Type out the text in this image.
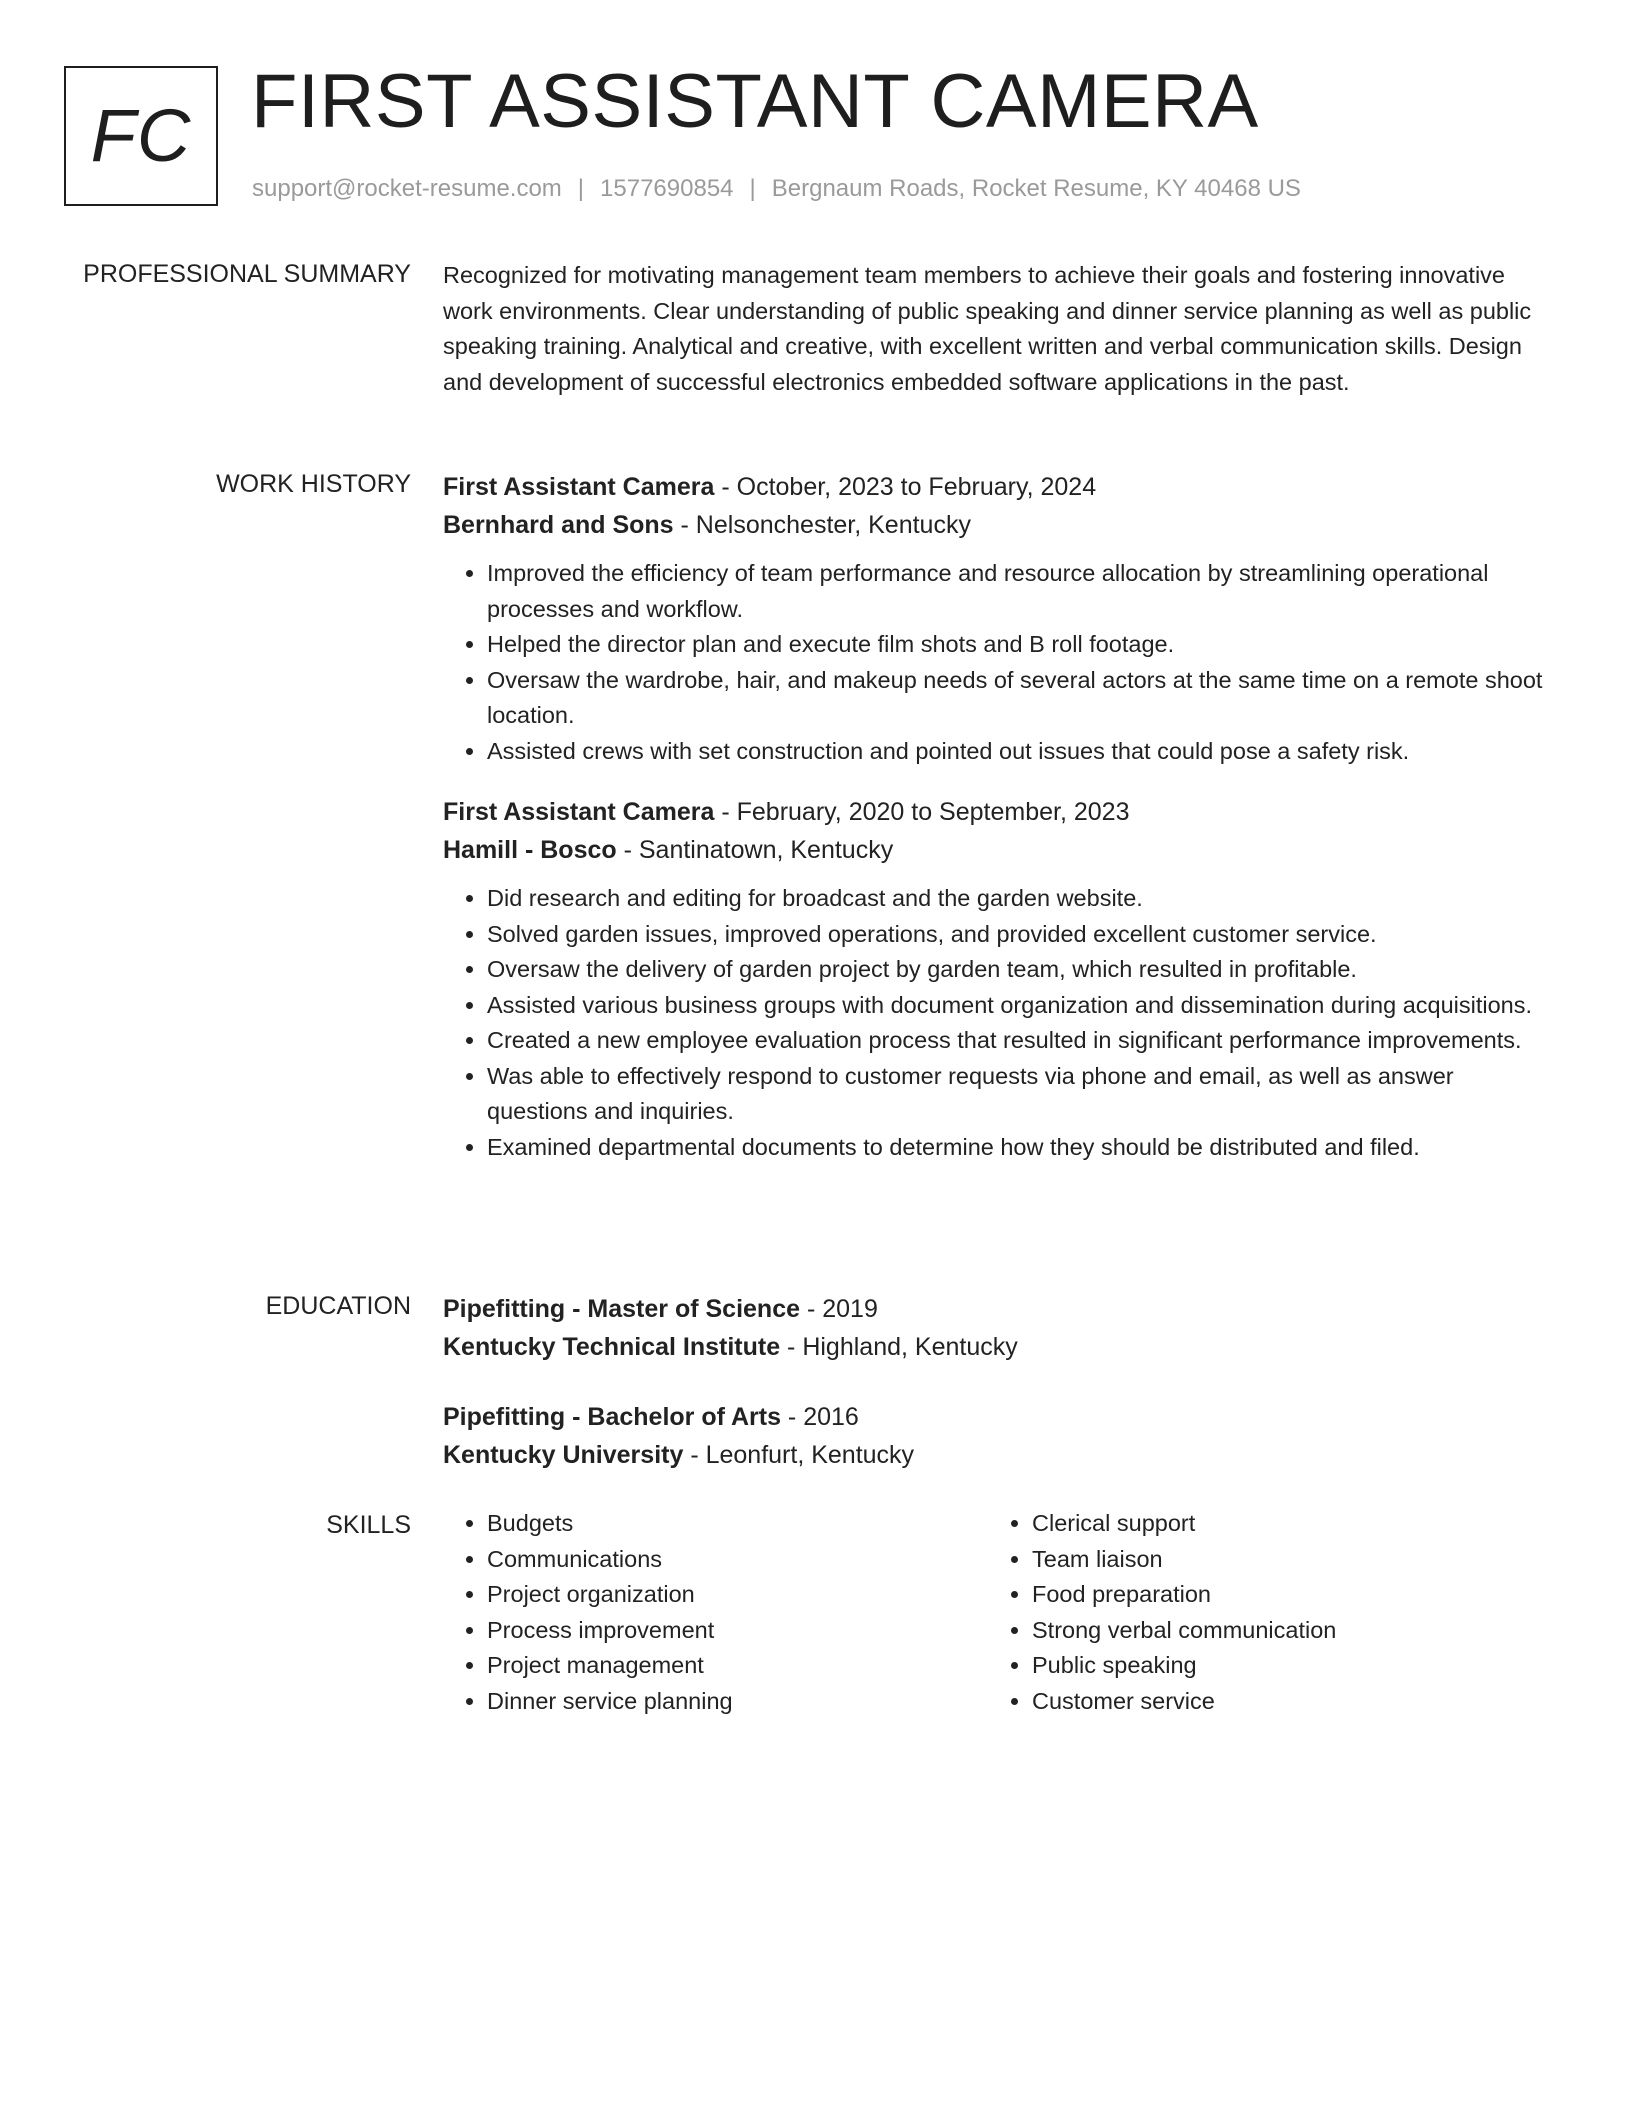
FC FIRST ASSISTANT CAMERA
support@rocket-resume.com | 1577690854 | Bergnaum Roads, Rocket Resume, KY 40468 US
PROFESSIONAL SUMMARY Recognized for motivating management team members to achieve their goals and fostering innovative work environments. Clear understanding of public speaking and dinner service planning as well as public speaking training. Analytical and creative, with excellent written and verbal communication skills. Design and development of successful electronics embedded software applications in the past.

WORK HISTORY First Assistant Camera - October, 2023 to February, 2024
Bernhard and Sons - Nelsonchester, Kentucky
• Improved the efficiency of team performance and resource allocation by streamlining operational processes and workflow.
• Helped the director plan and execute film shots and B roll footage.
• Oversaw the wardrobe, hair, and makeup needs of several actors at the same time on a remote shoot location.
• Assisted crews with set construction and pointed out issues that could pose a safety risk.
First Assistant Camera - February, 2020 to September, 2023
Hamill - Bosco - Santinatown, Kentucky
• Did research and editing for broadcast and the garden website.
• Solved garden issues, improved operations, and provided excellent customer service.
• Oversaw the delivery of garden project by garden team, which resulted in profitable.
• Assisted various business groups with document organization and dissemination during acquisitions.
• Created a new employee evaluation process that resulted in significant performance improvements.
• Was able to effectively respond to customer requests via phone and email, as well as answer questions and inquiries.
• Examined departmental documents to determine how they should be distributed and filed.
EDUCATION Pipefitting - Master of Science - 2019
Kentucky Technical Institute - Highland, Kentucky
Pipefitting - Bachelor of Arts - 2016
Kentucky University - Leonfurt, Kentucky
SKILLS
•	Budgets
• Communications
• Project organization
• Process improvement
• Project management
• Dinner service planning
• Clerical support
• Team liaison
• Food preparation
• Strong verbal communication
• Public speaking
• Customer service
